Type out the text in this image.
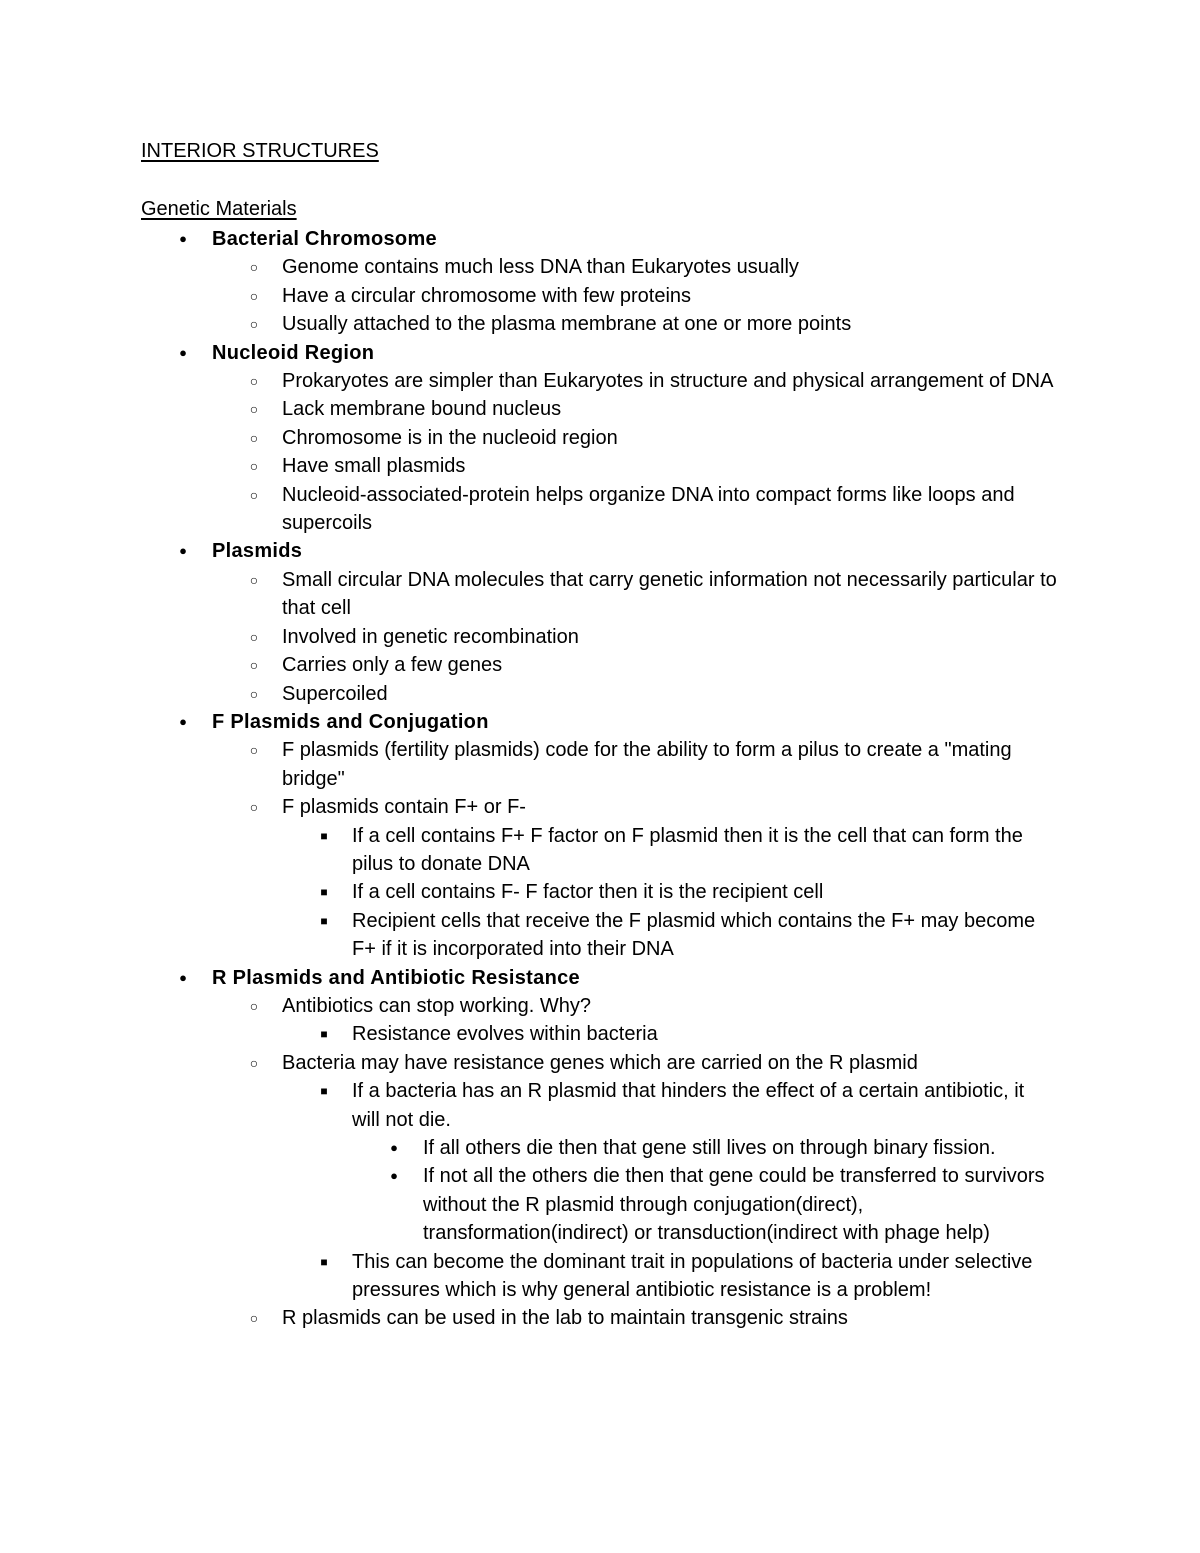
INTERIOR STRUCTURES
Genetic Materials
●	Bacterial Chromosome
○ Genome contains much less DNA than Eukaryotes usually
○ Have a circular chromosome with few proteins
○ Usually attached to the plasma membrane at one or more points
●	Nucleoid Region
○ Prokaryotes are simpler than Eukaryotes in structure and physical arrangement of DNA
○ Lack membrane bound nucleus
○ Chromosome is in the nucleoid region
○ Have small plasmids
○ Nucleoid-associated-protein helps organize DNA into compact forms like loops and supercoils
●	Plasmids
○ Small circular DNA molecules that carry genetic information not necessarily particular to that cell
○ Involved in genetic recombination
○ Carries only a few genes
○ Supercoiled
●	F Plasmids and Conjugation
○ F plasmids (fertility plasmids) code for the ability to form a pilus to create a "mating bridge"
○ F plasmids contain F+ or F-
■	If a cell contains F+ F factor on F plasmid then it is the cell that can form the pilus to donate DNA
■	If a cell contains F- F factor then it is the recipient cell
■	Recipient cells that receive the F plasmid which contains the F+ may become F+ if it is incorporated into their DNA
●	R Plasmids and Antibiotic Resistance
○ Antibiotics can stop working. Why?
■	Resistance evolves within bacteria
○ Bacteria may have resistance genes which are carried on the R plasmid
■	If a bacteria has an R plasmid that hinders the effect of a certain antibiotic, it will not die.
●	If all others die then that gene still lives on through binary fission.
●	If not all the others die then that gene could be transferred to survivors without the R plasmid through conjugation(direct), transformation(indirect) or transduction(indirect with phage help)
■	This can become the dominant trait in populations of bacteria under selective pressures which is why general antibiotic resistance is a problem!
○ R plasmids can be used in the lab to maintain transgenic strains
